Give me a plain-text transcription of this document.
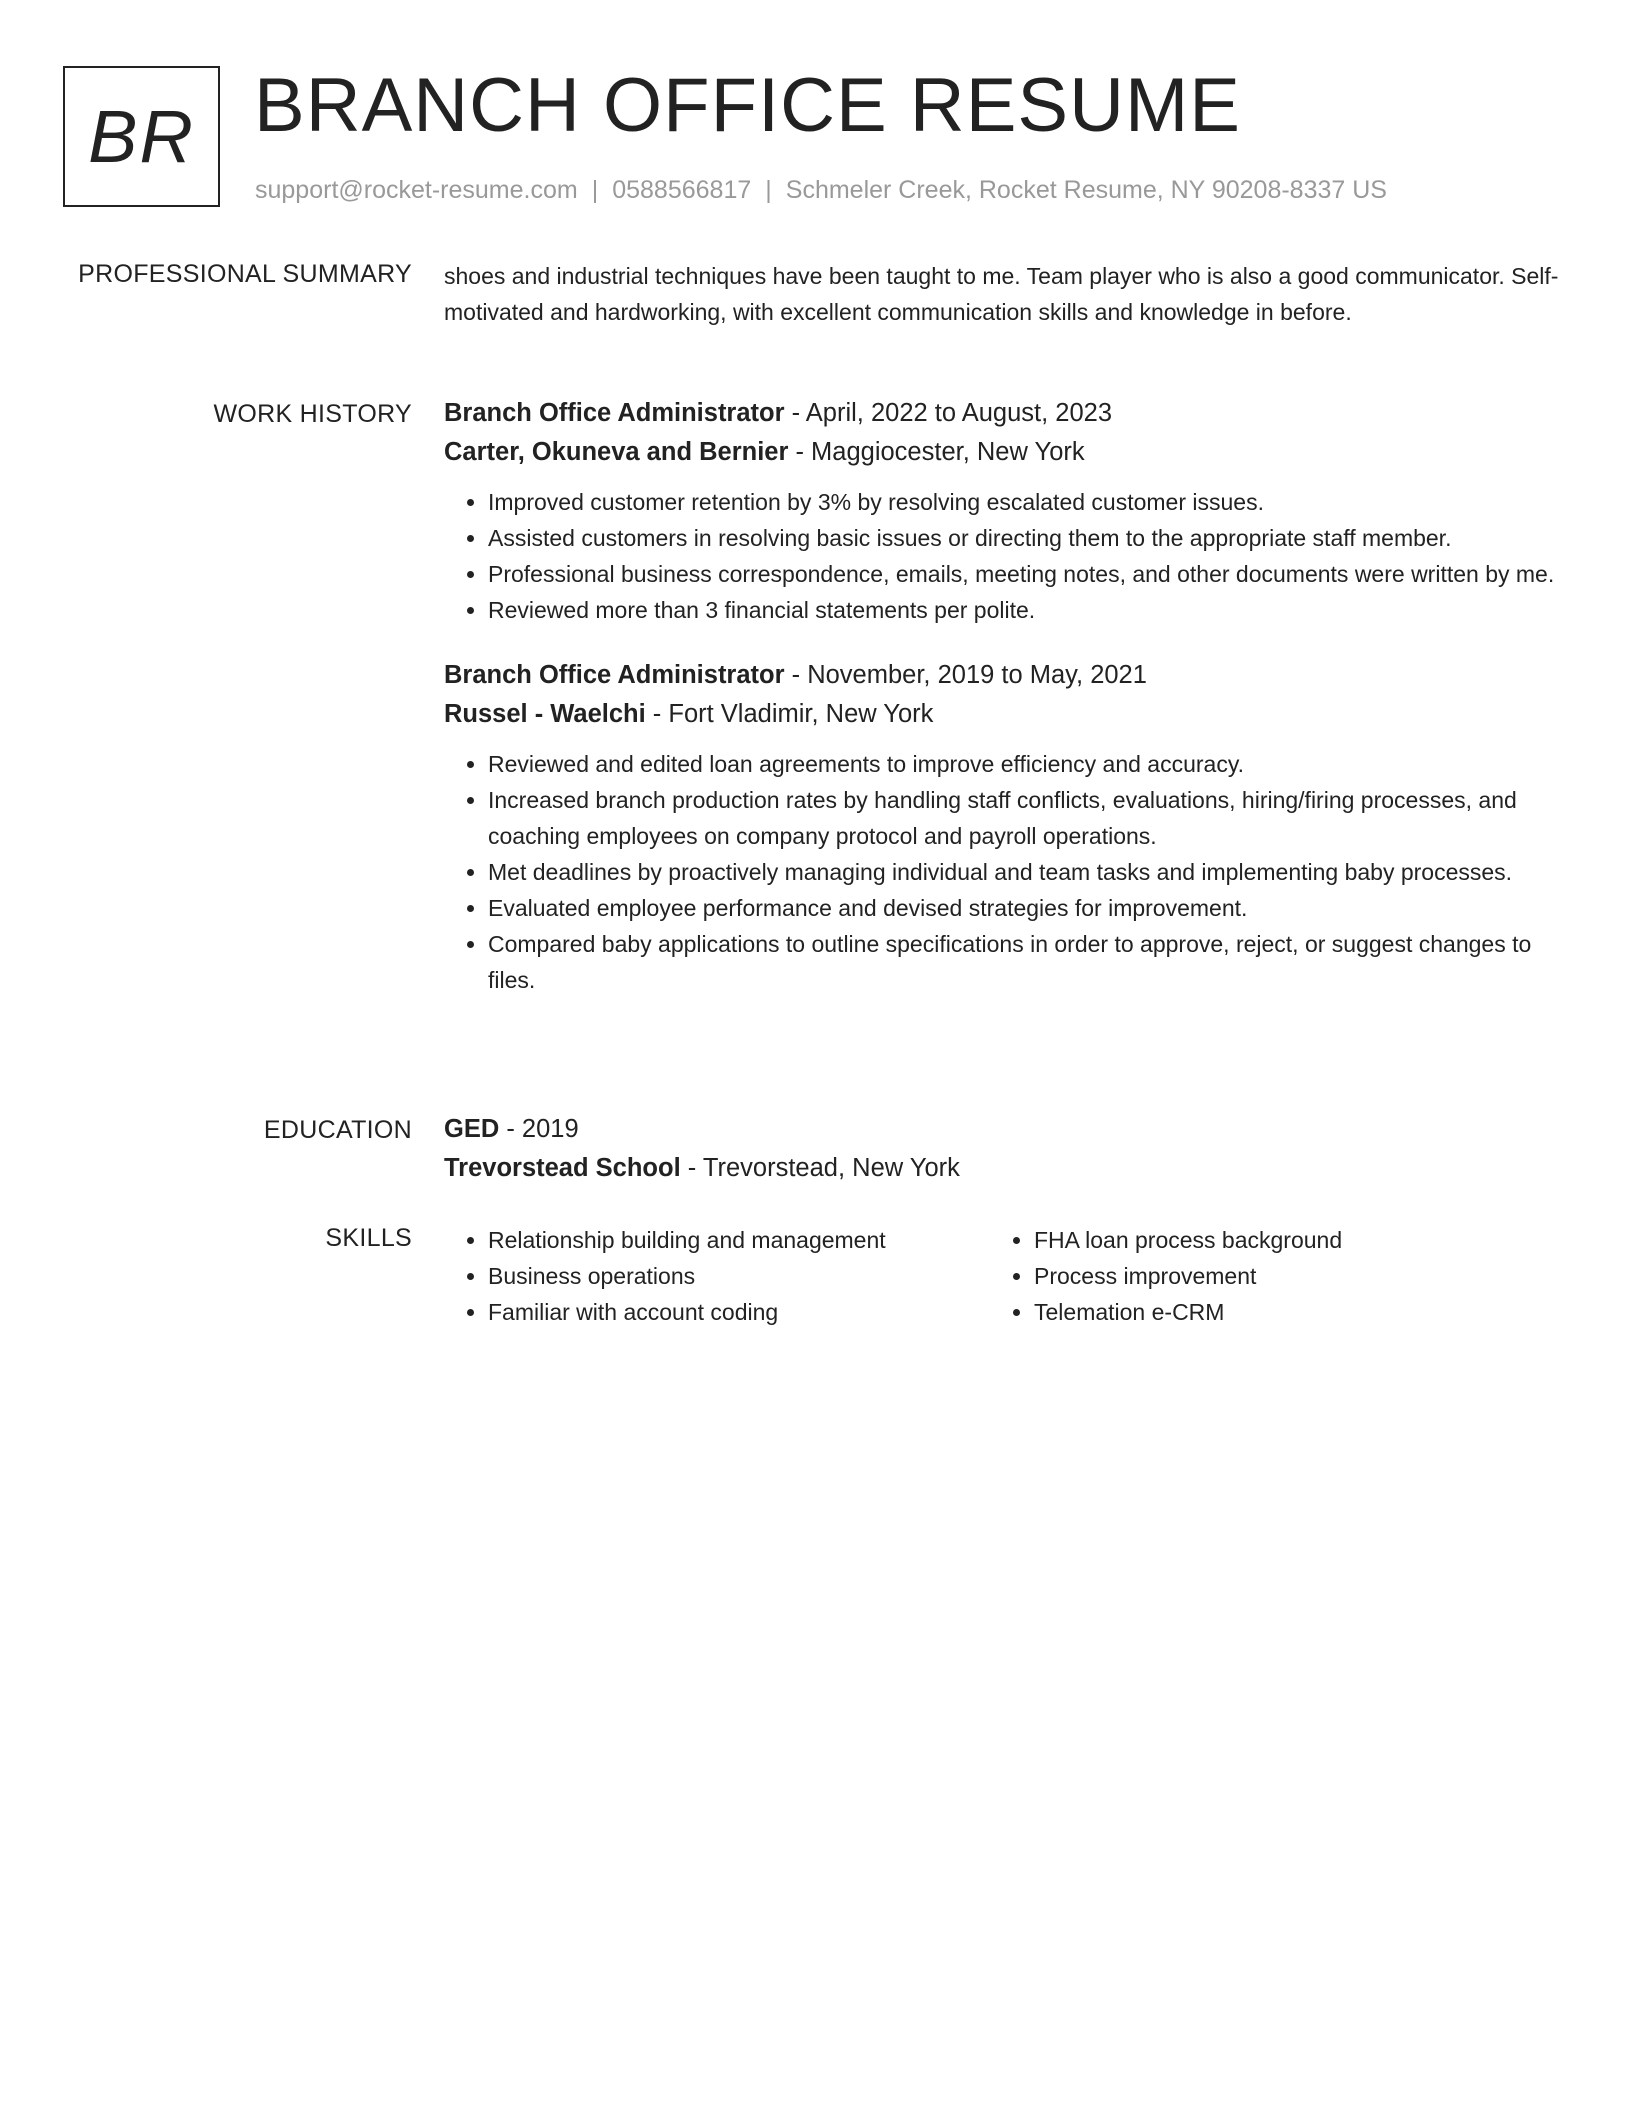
BR BRANCH OFFICE RESUME
support@rocket-resume.com | 0588566817 | Schmeler Creek, Rocket Resume, NY 90208-8337 US
PROFESSIONAL SUMMARY shoes and industrial techniques have been taught to me. Team player who is also a good communicator. Self-motivated and hardworking, with excellent communication skills and knowledge in before.

WORK HISTORY Branch Office Administrator - April, 2022 to August, 2023
Carter, Okuneva and Bernier - Maggiocester, New York
• Improved customer retention by 3% by resolving escalated customer issues.
• Assisted customers in resolving basic issues or directing them to the appropriate staff member.
• Professional business correspondence, emails, meeting notes, and other documents were written by me.
• Reviewed more than 3 financial statements per polite.
Branch Office Administrator - November, 2019 to May, 2021
Russel - Waelchi - Fort Vladimir, New York
• Reviewed and edited loan agreements to improve efficiency and accuracy.
• Increased branch production rates by handling staff conflicts, evaluations, hiring/firing processes, and coaching employees on company protocol and payroll operations.
• Met deadlines by proactively managing individual and team tasks and implementing baby processes.
• Evaluated employee performance and devised strategies for improvement.
• Compared baby applications to outline specifications in order to approve, reject, or suggest changes to files.
EDUCATION GED - 2019
Trevorstead School - Trevorstead, New York
SKILLS
•	Relationship building and management
• Business operations
• Familiar with account coding
• FHA loan process background
• Process improvement
• Telemation e-CRM
